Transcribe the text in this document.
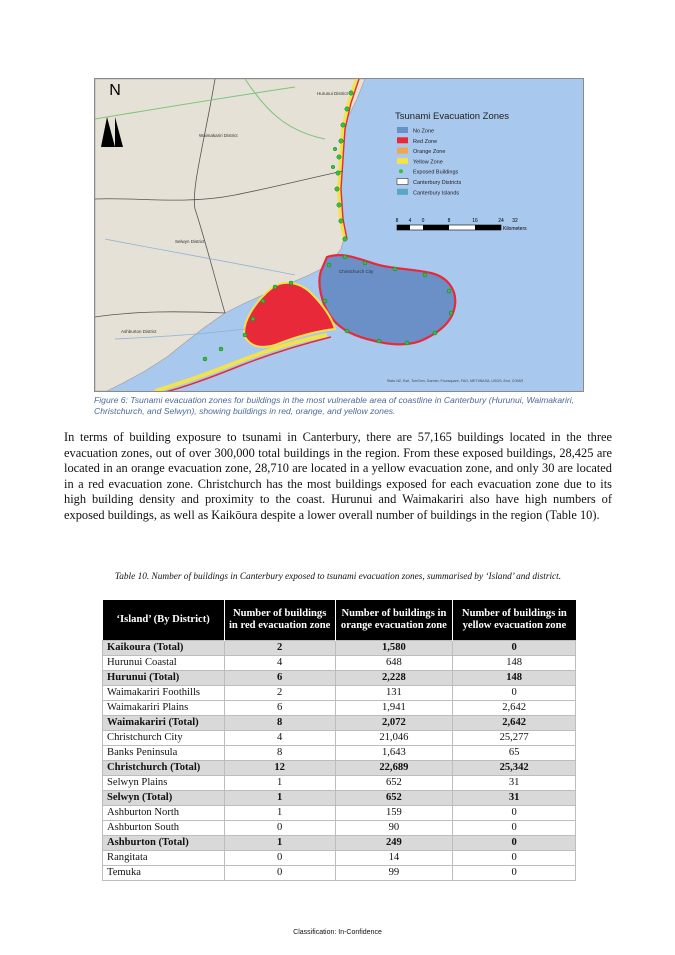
N	Hurunui District
Waimakariri District
Selwyn District
Christchurch City
Ashburton District
Tsunami Evacuation Zones
No Zone
Red Zone
Orange Zone
Yellow Zone
Exposed Buildings
Canterbury Districts
Canterbury Islands
8 4 0	8	16	24 32
Kilometers
Stats NZ, Esri, TomTom, Garmin, Foursquare, FAO, METI/NASA, USGS, Esri, CGIAR
Figure 6: Tsunami evacuation zones for buildings in the most vulnerable area of coastline in Canterbury (Hurunui, Waimakariri, Christchurch, and Selwyn), showing buildings in red, orange, and yellow zones.
In terms of building exposure to tsunami in Canterbury, there are 57,165 buildings located in the three evacuation zones, out of over 300,000 total buildings in the region. From these exposed buildings, 28,425 are located in an orange evacuation zone, 28,710 are located in a yellow evacuation zone, and only 30 are located in a red evacuation zone. Christchurch has the most buildings exposed for each evacuation zone due to its high building density and proximity to the coast. Hurunui and Waimakariri also have high numbers of exposed buildings, as well as Kaikōura despite a lower overall number of buildings in the region (Table 10).
Table 10. Number of buildings in Canterbury exposed to tsunami evacuation zones, summarised by ‘Island’ and district.
‘Island’ (By District)	Number of buildings in red evacuation zone	Number of buildings in orange evacuation zone	Number of buildings in yellow evacuation zone
Kaikoura (Total)	2	1,580	0
Hurunui Coastal	4	648	148
Hurunui (Total)	6	2,228	148
Waimakariri Foothills	2	131	0
Waimakariri Plains	6	1,941	2,642
Waimakariri (Total)	8	2,072	2,642
Christchurch City	4	21,046	25,277
Banks Peninsula	8	1,643	65
Christchurch (Total)	12	22,689	25,342
Selwyn Plains	1	652	31
Selwyn (Total)	1	652	31
Ashburton North	1	159	0
Ashburton South	0	90	0
Ashburton (Total)	1	249	0
Rangitata	0	14	0
Temuka	0	99	0
Classification: In-Confidence
